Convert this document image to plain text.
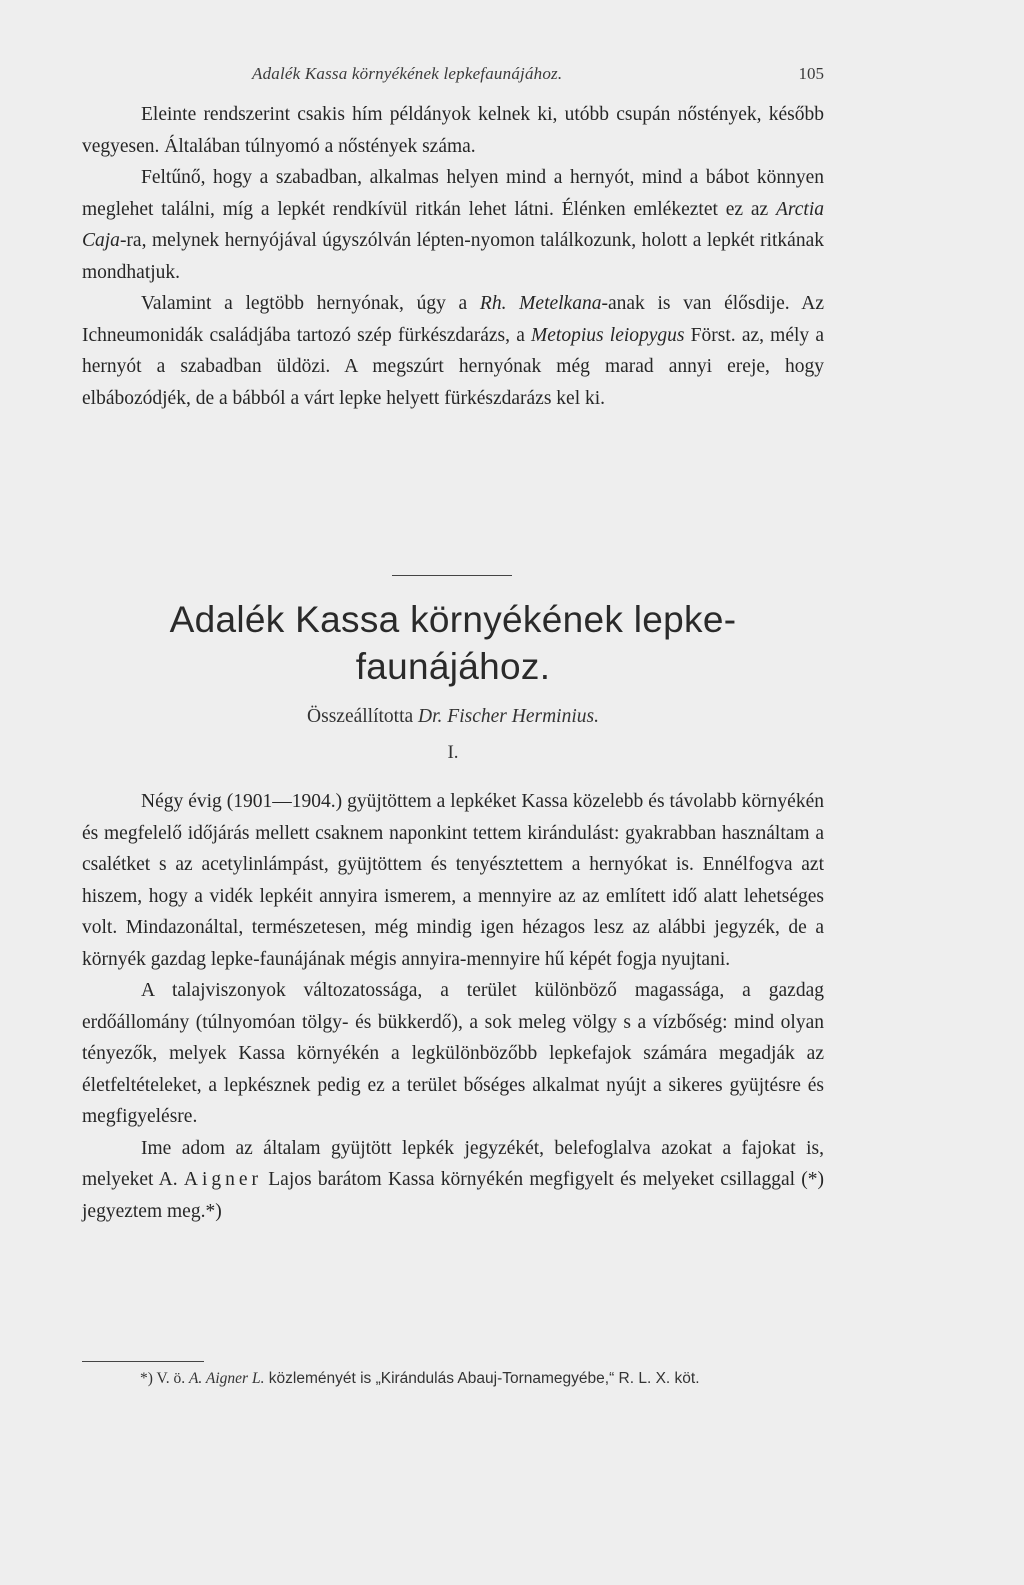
Adalék Kassa környékének lepkefaunájához.	105

Eleinte rendszerint csakis hím példányok kelnek ki, utóbb csupán nőstények, később vegyesen. Általában túlnyomó a nőstények száma.

Feltűnő, hogy a szabadban, alkalmas helyen mind a hernyót, mind a bábot könnyen meglehet találni, míg a lepkét rendkívül ritkán lehet látni. Élénken emlékeztet ez az Arctia Caja-ra, melynek hernyójával úgyszólván lépten-nyomon találkozunk, holott a lepkét ritkának mondhatjuk.

Valamint a legtöbb hernyónak, úgy a Rh. Metelkana-anak is van élősdije. Az Ichneumonidák családjába tartozó szép fürkészdarázs, a Metopius leiopygus Först. az, mély a hernyót a szabadban üldözi. A megszúrt hernyónak még marad annyi ereje, hogy elbábozódjék, de a bábból a várt lepke helyett fürkészdarázs kel ki.

Adalék Kassa környékének lepke-faunájához.
Összeállította Dr. Fischer Herminius.
I.

Négy évig (1901—1904.) gyüjtöttem a lepkéket Kassa közelebb és távolabb környékén és megfelelő időjárás mellett csaknem naponkint tettem kirándulást: gyakrabban használtam a csalétket s az acetylinlámpást, gyüjtöttem és tenyésztettem a hernyókat is. Ennélfogva azt hiszem, hogy a vidék lepkéit annyira ismerem, a mennyire az az említett idő alatt lehetséges volt. Mindazonáltal, természetesen, még mindig igen hézagos lesz az alábbi jegyzék, de a környék gazdag lepke-faunájának mégis annyira-mennyire hű képét fogja nyujtani.

A talajviszonyok változatossága, a terület különböző magassága, a gazdag erdőállomány (túlnyomóan tölgy- és bükkerdő), a sok meleg völgy s a vízbőség: mind olyan tényezők, melyek Kassa környékén a legkülönbözőbb lepkefajok számára megadják az életfeltételeket, a lepkésznek pedig ez a terület bőséges alkalmat nyújt a sikeres gyüjtésre és megfigyelésre.

Ime adom az általam gyüjtött lepkék jegyzékét, belefoglalva azokat a fajokat is, melyeket A. Aigner Lajos barátom Kassa környékén megfigyelt és melyeket csillaggal (*) jegyeztem meg.*)

*) V. ö. A. Aigner L. közleményét is „Kirándulás Abauj-Tornamegyébe,“ R. L. X. köt.
